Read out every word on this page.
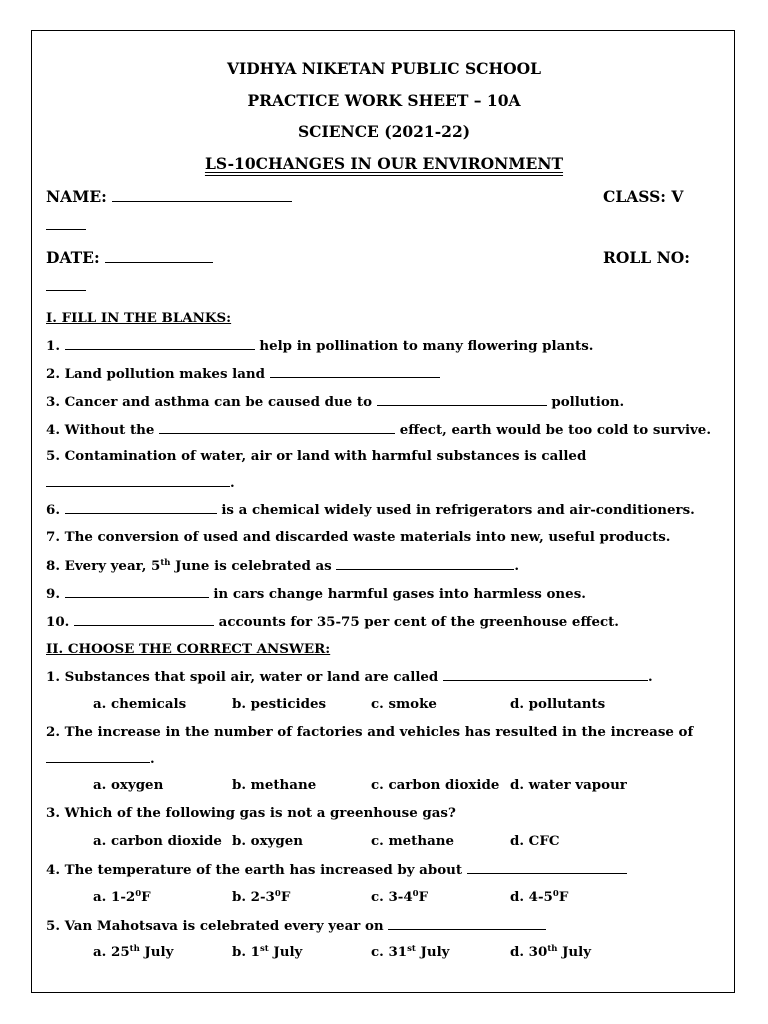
VIDHYA NIKETAN PUBLIC SCHOOL
PRACTICE WORK SHEET – 10A
SCIENCE (2021-22)
LS-10CHANGES IN OUR ENVIRONMENT
NAME:	CLASS: V
DATE:	ROLL NO:
I. FILL IN THE BLANKS:
1.	help in pollination to many flowering plants.
2. Land pollution makes land
3. Cancer and asthma can be caused due to	pollution.
4. Without the	effect, earth would be too cold to survive.
5. Contamination of water, air or land with harmful substances is called
.
6.	is a chemical widely used in refrigerators and air-conditioners.
7. The conversion of used and discarded waste materials into new, useful products.
8. Every year, 5th June is celebrated as	.
9.	in cars change harmful gases into harmless ones.
10.	accounts for 35-75 per cent of the greenhouse effect.
II. CHOOSE THE CORRECT ANSWER:
1. Substances that spoil air, water or land are called	.
a. chemicals	b. pesticides	c. smoke	d. pollutants
2. The increase in the number of factories and vehicles has resulted in the increase of
.
a. oxygen	b. methane	c. carbon dioxide d. water vapour
3. Which of the following gas is not a greenhouse gas?
a. carbon dioxide b. oxygen	c. methane	d. CFC
4. The temperature of the earth has increased by about
a. $1-2^0F$	b. $2-3^0F$	c. $3-4^0F$	d. $4-5^0F$
5. Van Mahotsava is celebrated every year on
a. 25th July	b. 1st July	c. 31st July	d. 30th July
